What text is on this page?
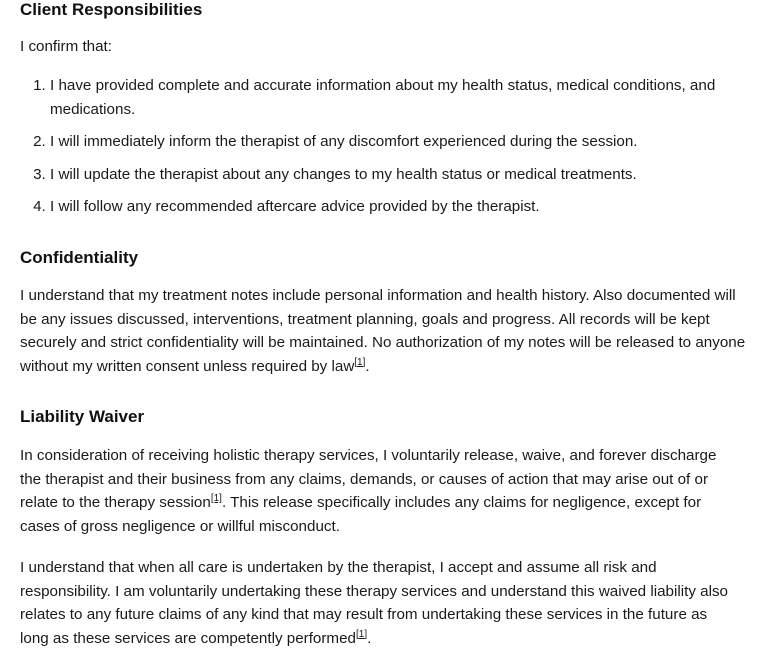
Client Responsibilities

I confirm that:

1. I have provided complete and accurate information about my health status, medical conditions, and medications.
2. I will immediately inform the therapist of any discomfort experienced during the session.
3. I will update the therapist about any changes to my health status or medical treatments.
4. I will follow any recommended aftercare advice provided by the therapist.
Confidentiality

I understand that my treatment notes include personal information and health history. Also documented will be any issues discussed, interventions, treatment planning, goals and progress. All records will be kept securely and strict confidentiality will be maintained. No authorization of my notes will be released to anyone without my written consent unless required by law[1].

Liability Waiver

In consideration of receiving holistic therapy services, I voluntarily release, waive, and forever discharge the therapist and their business from any claims, demands, or causes of action that may arise out of or relate to the therapy session[1]. This release specifically includes any claims for negligence, except for cases of gross negligence or willful misconduct.

I understand that when all care is undertaken by the therapist, I accept and assume all risk and responsibility. I am voluntarily undertaking these therapy services and understand this waived liability also relates to any future claims of any kind that may result from undertaking these services in the future as long as these services are competently performed[1].
